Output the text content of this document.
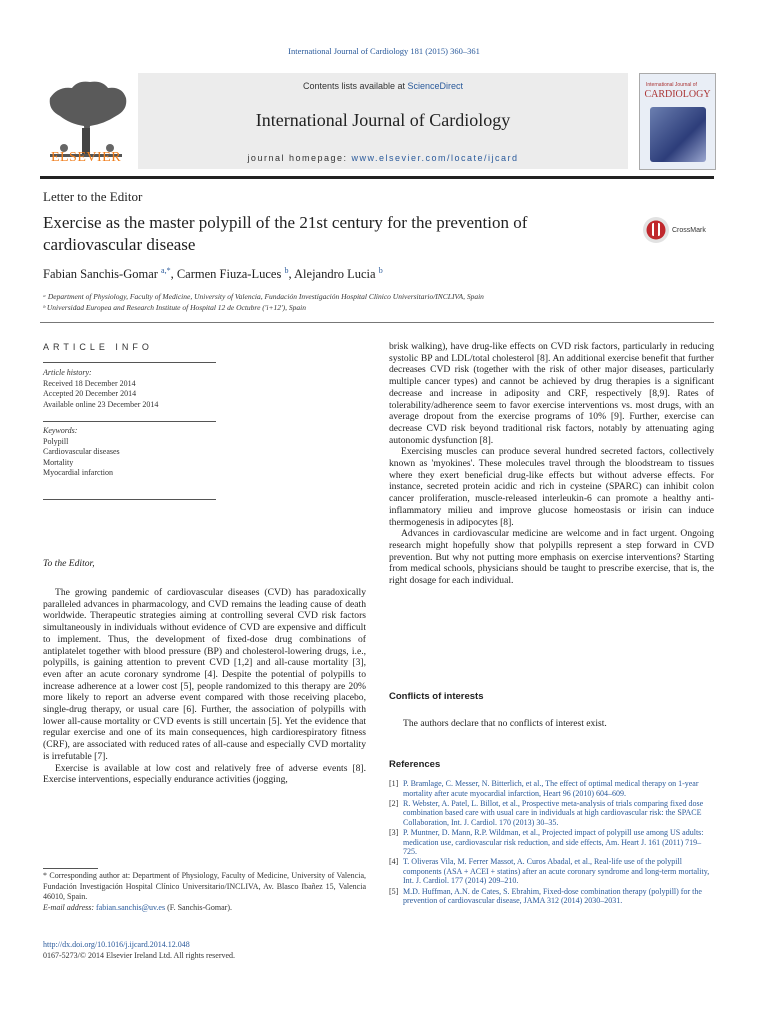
International Journal of Cardiology 181 (2015) 360–361
ELSEVIER
Contents lists available at ScienceDirect
International Journal of Cardiology
journal homepage: www.elsevier.com/locate/ijcard
International Journal of
CARDIOLOGY
Letter to the Editor
Exercise as the master polypill of the 21st century for the prevention of cardiovascular disease
CrossMark
Fabian Sanchis-Gomar $^{a,*}$, Carmen Fiuza-Luces $^b$, Alejandro Lucia $^b$
ᵃ Department of Physiology, Faculty of Medicine, University of Valencia, Fundación Investigación Hospital Clínico Universitario/INCLIVA, Spain
ᵇ Universidad Europea and Research Institute of Hospital 12 de Octubre ('i+12'), Spain
ARTICLE INFO
Article history:
Received 18 December 2014
Accepted 20 December 2014
Available online 23 December 2014
Keywords:
Polypill
Cardiovascular diseases
Mortality
Myocardial infarction
To the Editor,

The growing pandemic of cardiovascular diseases (CVD) has paradoxically paralleled advances in pharmacology, and CVD remains the leading cause of death worldwide. Therapeutic strategies aiming at controlling several CVD risk factors simultaneously in individuals without evidence of CVD are expensive and difficult to implement. Thus, the development of fixed-dose drug combinations of antiplatelet together with blood pressure (BP) and cholesterol-lowering drugs, i.e., polypills, is gaining attention to prevent CVD [1,2] and all-cause mortality [3], even after an acute coronary syndrome [4]. Despite the potential of polypills to increase adherence at a lower cost [5], people randomized to this therapy are 20% more likely to report an adverse event compared with those receiving placebo, single-drug therapy, or usual care [6]. Further, the association of polypills with lower all-cause mortality or CVD events is still uncertain [5]. Yet the evidence that regular exercise and one of its main consequences, high cardiorespiratory fitness (CRF), are associated with reduced rates of all-cause and especially CVD mortality is irrefutable [7].

Exercise is available at low cost and relatively free of adverse events [8]. Exercise interventions, especially endurance activities (jogging,

brisk walking), have drug-like effects on CVD risk factors, particularly in reducing systolic BP and LDL/total cholesterol [8]. An additional exercise benefit that further decreases CVD risk (together with the risk of other major diseases, particularly multiple cancer types) and cannot be achieved by drug therapies is a significant decrease and increase in adiposity and CRF, respectively [8,9]. Rates of tolerability/adherence seem to favor exercise interventions vs. most drugs, with an average dropout from the exercise programs of 10% [9]. Further, exercise can decrease CVD risk beyond traditional risk factors, notably by attenuating aging autonomic dysfunction [8].

Exercising muscles can produce several hundred secreted factors, collectively known as 'myokines'. These molecules travel through the bloodstream to tissues where they exert beneficial drug-like effects but without adverse effects. For instance, secreted protein acidic and rich in cysteine (SPARC) can inhibit colon cancer proliferation, muscle-released interleukin-6 can promote a healthy anti-inflammatory milieu and improve glucose homeostasis or irisin can induce thermogenesis in adipocytes [8].

Advances in cardiovascular medicine are welcome and in fact urgent. Ongoing research might hopefully show that polypills represent a step forward in CVD prevention. But why not putting more emphasis on exercise interventions? Starting from medical schools, physicians should be taught to prescribe exercise, that is, the right dosage for each individual.

Conflicts of interests
The authors declare that no conflicts of interest exist.
References
[1] P. Bramlage, C. Messer, N. Bitterlich, et al., The effect of optimal medical therapy on 1-year mortality after acute myocardial infarction, Heart 96 (2010) 604–609.
[2] R. Webster, A. Patel, L. Billot, et al., Prospective meta-analysis of trials comparing fixed dose combination based care with usual care in individuals at high cardiovascular risk: the SPACE Collaboration, Int. J. Cardiol. 170 (2013) 30–35.
[3] P. Muntner, D. Mann, R.P. Wildman, et al., Projected impact of polypill use among US adults: medication use, cardiovascular risk reduction, and side effects, Am. Heart J. 161 (2011) 719–725.
[4] T. Oliveras Vila, M. Ferrer Massot, A. Curos Abadal, et al., Real-life use of the polypill components (ASA + ACEI + statins) after an acute coronary syndrome and long-term mortality, Int. J. Cardiol. 177 (2014) 209–210.
[5] M.D. Huffman, A.N. de Cates, S. Ebrahim, Fixed-dose combination therapy (polypill) for the prevention of cardiovascular disease, JAMA 312 (2014) 2030–2031.
* Corresponding author at: Department of Physiology, Faculty of Medicine, University of Valencia, Fundación Investigación Hospital Clínico Universitario/INCLIVA, Av. Blasco Ibañez 15, Valencia 46010, Spain.
E-mail address: fabian.sanchis@uv.es (F. Sanchis-Gomar).
http://dx.doi.org/10.1016/j.ijcard.2014.12.048
0167-5273/© 2014 Elsevier Ireland Ltd. All rights reserved.
